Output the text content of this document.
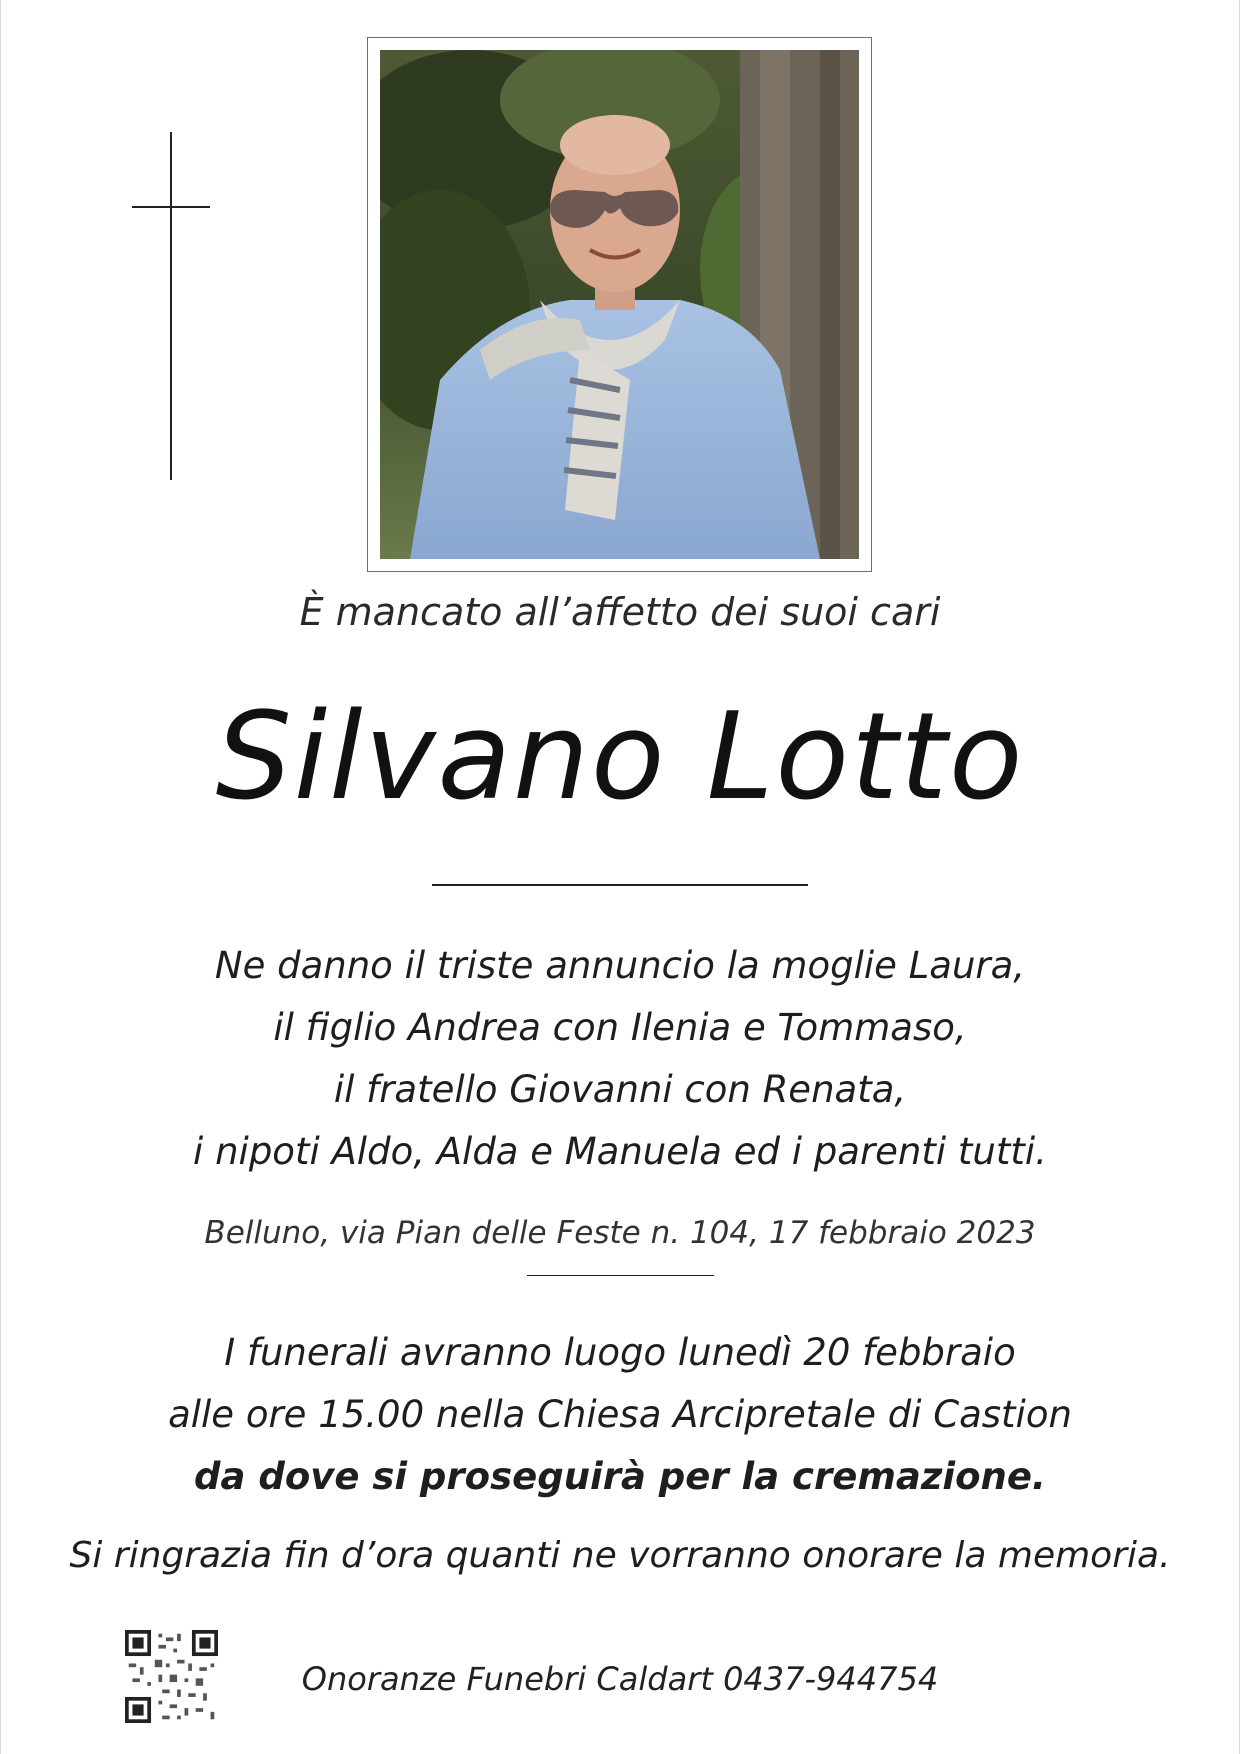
È mancato all’affetto dei suoi cari

Silvano Lotto

Ne danno il triste annuncio la moglie Laura,
il figlio Andrea con Ilenia e Tommaso,
il fratello Giovanni con Renata,
i nipoti Aldo, Alda e Manuela ed i parenti tutti.

Belluno, via Pian delle Feste n. 104, 17 febbraio 2023

I funerali avranno luogo lunedì 20 febbraio
alle ore 15.00 nella Chiesa Arcipretale di Castion
da dove si proseguirà per la cremazione.

Si ringrazia fin d’ora quanti ne vorranno onorare la memoria.

Onoranze Funebri Caldart 0437-944754
